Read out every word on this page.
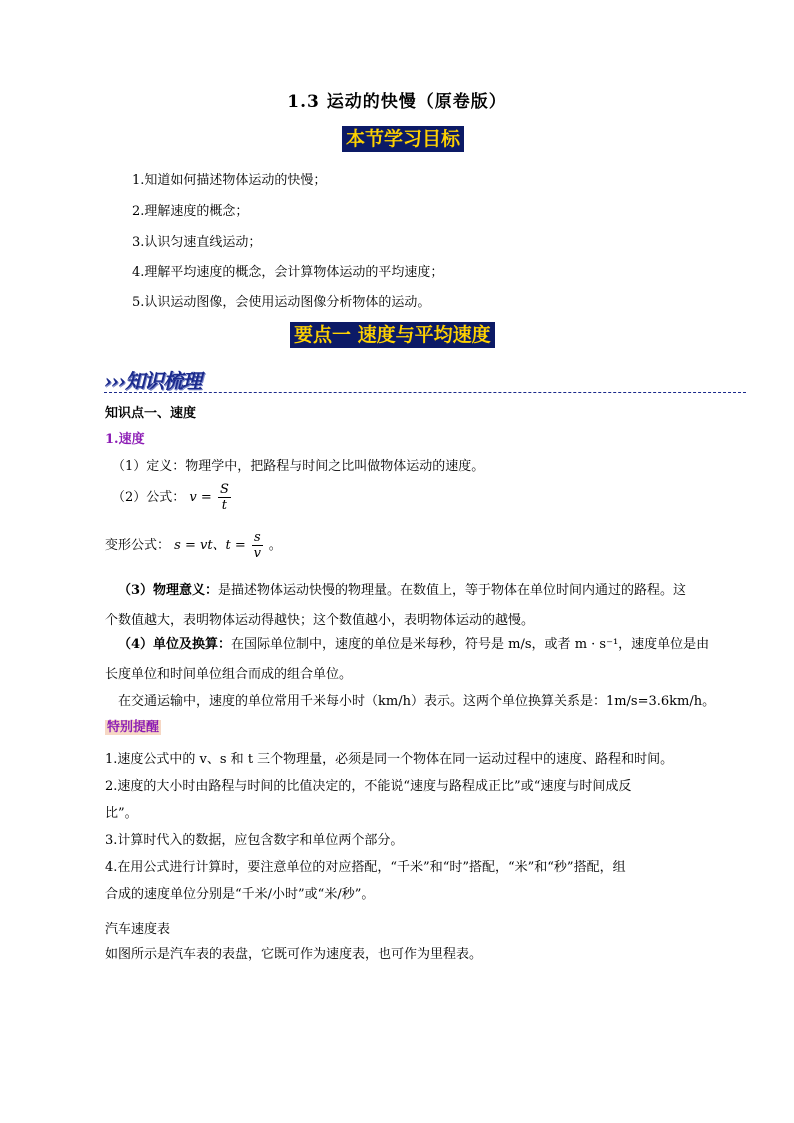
1.3 运动的快慢（原卷版）
本节学习目标
1.知道如何描述物体运动的快慢；
2.理解速度的概念；
3.认识匀速直线运动；
4.理解平均速度的概念，会计算物体运动的平均速度；
5.认识运动图像，会使用运动图像分析物体的运动。
要点一 速度与平均速度
›››知识梳理
知识点一、速度
1.速度
（1）定义：物理学中，把路程与时间之比叫做物体运动的速度。
（2）公式： $v = \frac{S}{t}$
变形公式： s = vt、$t = \frac{s}{v}$ 。
（3）物理意义：是描述物体运动快慢的物理量。在数值上，等于物体在单位时间内通过的路程。这
个数值越大，表明物体运动得越快；这个数值越小，表明物体运动的越慢。
（4）单位及换算：在国际单位制中，速度的单位是米每秒，符号是 m/s，或者 m · s⁻¹，速度单位是由
长度单位和时间单位组合而成的组合单位。
在交通运输中，速度的单位常用千米每小时（km/h）表示。这两个单位换算关系是：1m/s=3.6km/h。
特别提醒
1.速度公式中的 v、s 和 t 三个物理量，必须是同一个物体在同一运动过程中的速度、路程和时间。
2.速度的大小时由路程与时间的比值决定的，不能说“速度与路程成正比”或“速度与时间成反
比”。
3.计算时代入的数据，应包含数字和单位两个部分。
4.在用公式进行计算时，要注意单位的对应搭配，“千米”和“时”搭配，“米”和“秒”搭配，组
合成的速度单位分别是“千米/小时”或“米/秒”。
汽车速度表
如图所示是汽车表的表盘，它既可作为速度表，也可作为里程表。
